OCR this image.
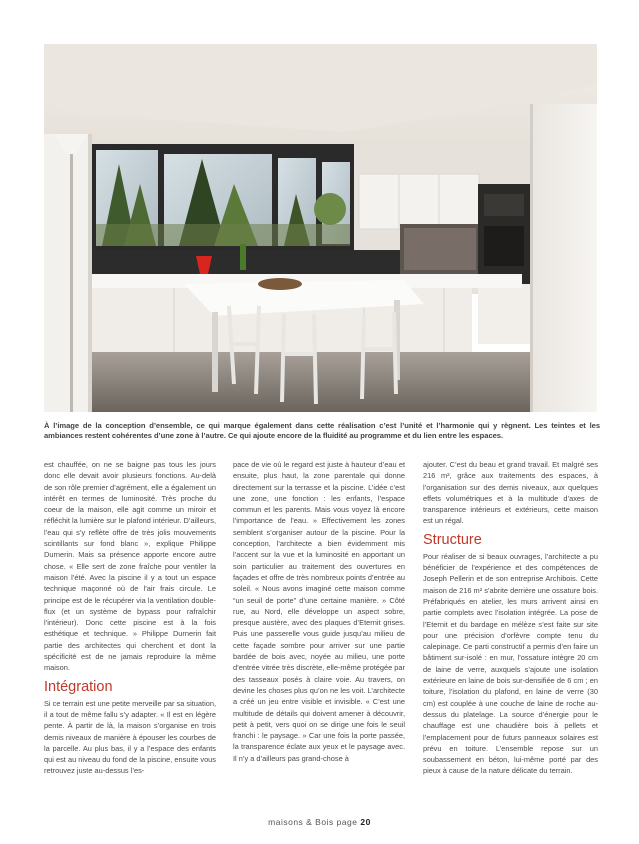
À l’image de la conception d’ensemble, ce qui marque également dans cette réalisation c’est l’unité et l’harmonie qui y règnent. Les teintes et les ambiances restent cohérentes d’une zone à l’autre. Ce qui ajoute encore de la fluidité au programme et du lien entre les espaces.

est chauffée, on ne se baigne pas tous les jours donc elle devait avoir plusieurs fonctions. Au-delà de son rôle premier d’agrément, elle a également un intérêt en termes de luminosité. Très proche du coeur de la maison, elle agit comme un miroir et réfléchit la lumière sur le plafond intérieur. D’ailleurs, l’eau qui s’y reflète offre de très jolis mouvements scintillants sur fond blanc », explique Philippe Durnerin. Mais sa présence apporte encore autre chose. « Elle sert de zone fraîche pour ventiler la maison l’été. Avec la piscine il y a tout un espace technique maçonné où de l’air frais circule. Le principe est de le récupérer via la ventilation double-flux (et un système de bypass pour rafraîchir l’intérieur). Donc cette piscine est à la fois esthétique et technique. » Philippe Durnerin fait partie des architectes qui cherchent et dont la spécificité est de ne jamais reproduire la même maison.

Intégration

Si ce terrain est une petite merveille par sa situation, il a tout de même fallu s’y adapter. « Il est en légère pente. À partir de là, la maison s’organise en trois demis niveaux de manière à épouser les courbes de la parcelle. Au plus bas, il y a l’espace des enfants qui est au niveau du fond de la piscine, ensuite vous retrouvez juste au-dessus l’es-

pace de vie où le regard est juste à hauteur d’eau et ensuite, plus haut, la zone parentale qui donne directement sur la terrasse et la piscine. L’idée c’est une zone, une fonction : les enfants, l’espace commun et les parents. Mais vous voyez là encore l’importance de l’eau. » Effectivement les zones semblent s’organiser autour de la piscine. Pour la conception, l’architecte a bien évidemment mis l’accent sur la vue et la luminosité en apportant un soin particulier au traitement des ouvertures en façades et offre de très nombreux points d’entrée au soleil. « Nous avons imaginé cette maison comme “un seuil de porte” d’une certaine manière. » Côté rue, au Nord, elle développe un aspect sobre, presque austère, avec des plaques d’Eternit grises. Puis une passerelle vous guide jusqu’au milieu de cette façade sombre pour arriver sur une partie bardée de bois avec, noyée au milieu, une porte d’entrée vitrée très discrète, elle-même protégée par des tasseaux posés à claire voie. Au travers, on devine les choses plus qu’on ne les voit. L’architecte a créé un jeu entre visible et invisible. « C’est une multitude de détails qui doivent amener à découvrir, petit à petit, vers quoi on se dirige une fois le seuil franchi : le paysage. » Car une fois la porte passée, la transparence éclate aux yeux et le paysage avec. Il n’y a d’ailleurs pas grand-chose à

ajouter. C’est du beau et grand travail. Et malgré ses 216 m², grâce aux traitements des espaces, à l’organisation sur des demis niveaux, aux quelques effets volumétriques et à la multitude d’axes de transparence intérieurs et extérieurs, cette maison est un régal.

Structure

Pour réaliser de si beaux ouvrages, l’architecte a pu bénéficier de l’expérience et des compétences de Joseph Pellerin et de son entreprise Archibois. Cette maison de 216 m² s’abrite derrière une ossature bois. Préfabriqués en atelier, les murs arrivent ainsi en partie complets avec l’isolation intégrée. La pose de l’Eternit et du bardage en mélèze s’est faite sur site pour une précision d’orfèvre compte tenu du calepinage. Ce parti constructif a permis d’en faire un bâtiment sur-isolé : en mur, l’ossature intègre 20 cm de laine de verre, auxquels s’ajoute une isolation extérieure en laine de bois sur-densifiée de 6 cm ; en toiture, l’isolation du plafond, en laine de verre (30 cm) est couplée à une couche de laine de roche au-dessus du platelage. La source d’énergie pour le chauffage est une chaudière bois à pellets et l’emplacement pour de futurs panneaux solaires est prévu en toiture. L’ensemble repose sur un soubassement en béton, lui-même porté par des pieux à cause de la nature délicate du terrain.

maisons & Bois page 20
